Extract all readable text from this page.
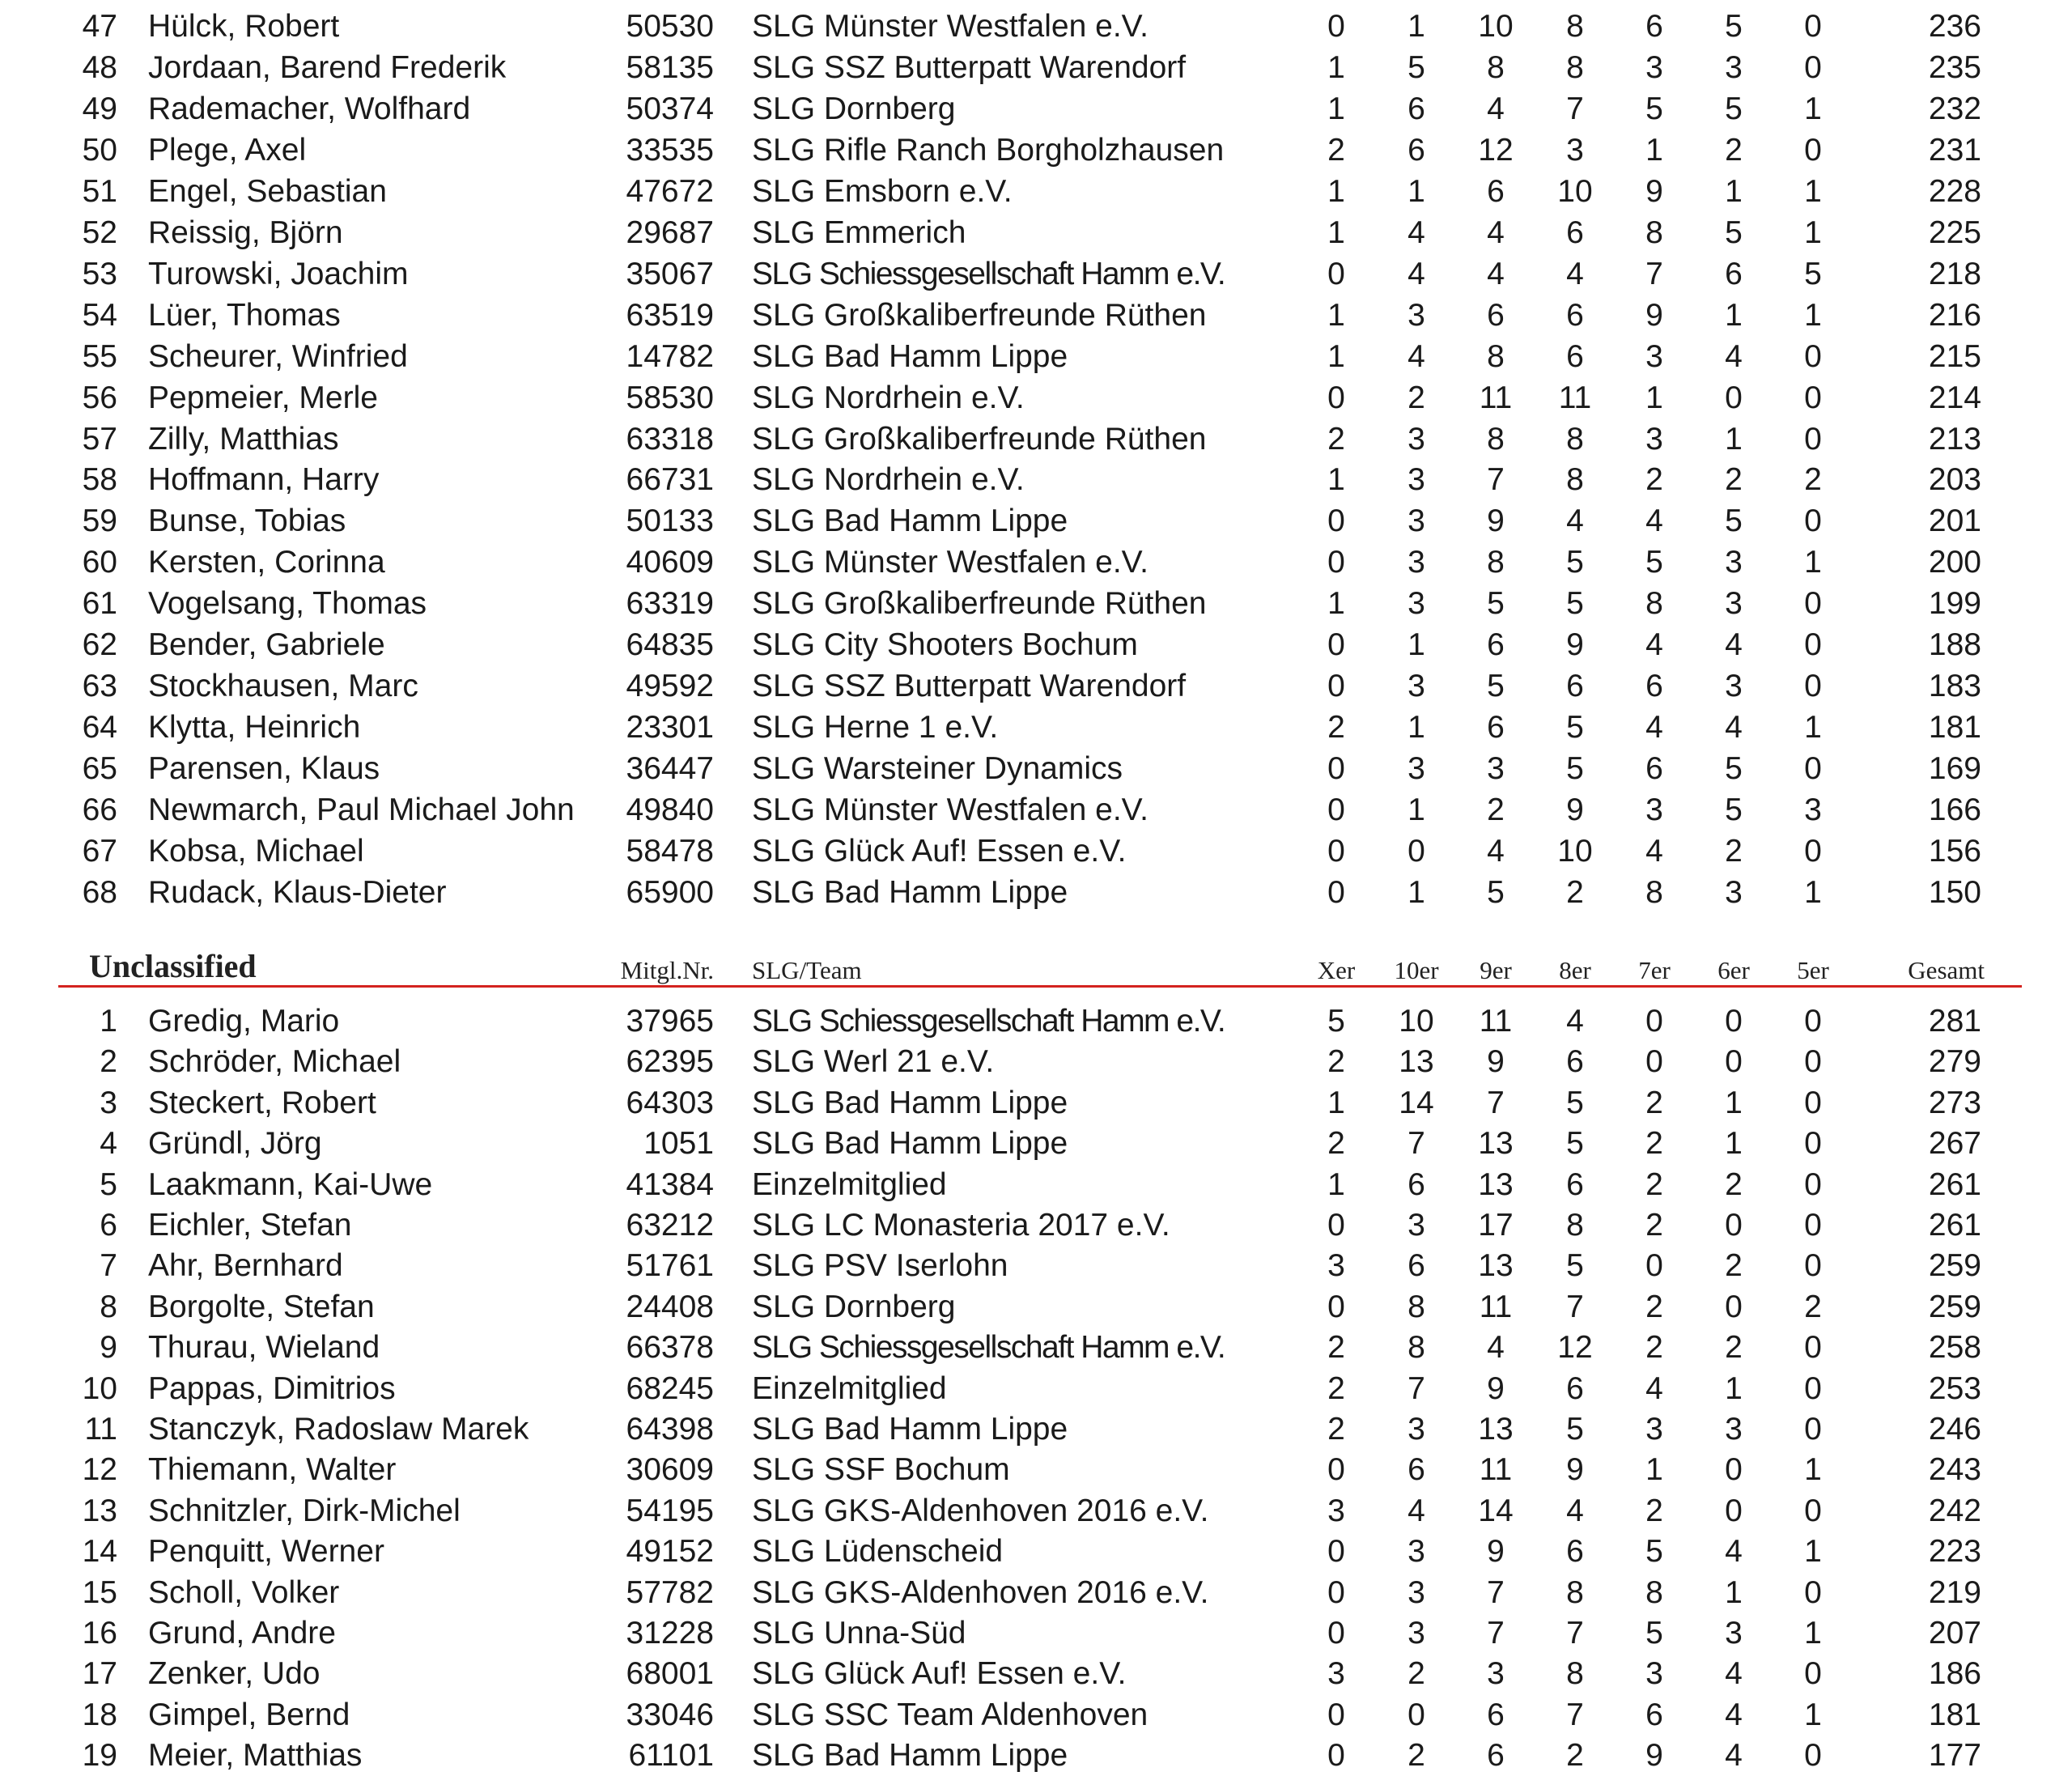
47 Hülck, Robert	50530 SLG Münster Westfalen e.V.	0	1	10	8	6	5	0	236
48 Jordaan, Barend Frederik	58135 SLG SSZ Butterpatt Warendorf	1	5	8	8	3	3	0	235
49 Rademacher, Wolfhard	50374 SLG Dornberg	1	6	4	7	5	5	1	232
50 Plege, Axel	33535 SLG Rifle Ranch Borgholzhausen	2	6	12	3	1	2	0	231
51 Engel, Sebastian	47672 SLG Emsborn e.V.	1	1	6	10	9	1	1	228
52 Reissig, Björn	29687 SLG Emmerich	1	4	4	6	8	5	1	225
53 Turowski, Joachim	35067 SLG Schiessgesellschaft Hamm e.V.	0	4	4	4	7	6	5	218
54 Lüer, Thomas	63519 SLG Großkaliberfreunde Rüthen	1	3	6	6	9	1	1	216
55 Scheurer, Winfried	14782 SLG Bad Hamm Lippe	1	4	8	6	3	4	0	215
56 Pepmeier, Merle	58530 SLG Nordrhein e.V.	0	2	11	11	1	0	0	214
57 Zilly, Matthias	63318 SLG Großkaliberfreunde Rüthen	2	3	8	8	3	1	0	213
58 Hoffmann, Harry	66731 SLG Nordrhein e.V.	1	3	7	8	2	2	2	203
59 Bunse, Tobias	50133 SLG Bad Hamm Lippe	0	3	9	4	4	5	0	201
60 Kersten, Corinna	40609 SLG Münster Westfalen e.V.	0	3	8	5	5	3	1	200
61 Vogelsang, Thomas	63319 SLG Großkaliberfreunde Rüthen	1	3	5	5	8	3	0	199
62 Bender, Gabriele	64835 SLG City Shooters Bochum	0	1	6	9	4	4	0	188
63 Stockhausen, Marc	49592 SLG SSZ Butterpatt Warendorf	0	3	5	6	6	3	0	183
64 Klytta, Heinrich	23301 SLG Herne 1 e.V.	2	1	6	5	4	4	1	181
65 Parensen, Klaus	36447 SLG Warsteiner Dynamics	0	3	3	5	6	5	0	169
66 Newmarch, Paul Michael John 49840 SLG Münster Westfalen e.V.	0	1	2	9	3	5	3	166
67 Kobsa, Michael	58478 SLG Glück Auf! Essen e.V.	0	0	4	10	4	2	0	156
68 Rudack, Klaus-Dieter	65900 SLG Bad Hamm Lippe	0	1	5	2	8	3	1	150
Unclassified	Mitgl.Nr. SLG/Team	Xer	10er	9er	8er	7er	6er	5er	Gesamt
1 Gredig, Mario	37965 SLG Schiessgesellschaft Hamm e.V.	5	10	11	4	0	0	0	281
2 Schröder, Michael	62395 SLG Werl 21 e.V.	2	13	9	6	0	0	0	279
3 Steckert, Robert	64303 SLG Bad Hamm Lippe	1	14	7	5	2	1	0	273
4 Gründl, Jörg	1051 SLG Bad Hamm Lippe	2	7	13	5	2	1	0	267
5 Laakmann, Kai-Uwe	41384 Einzelmitglied	1	6	13	6	2	2	0	261
6 Eichler, Stefan	63212 SLG LC Monasteria 2017 e.V.	0	3	17	8	2	0	0	261
7 Ahr, Bernhard	51761 SLG PSV Iserlohn	3	6	13	5	0	2	0	259
8 Borgolte, Stefan	24408 SLG Dornberg	0	8	11	7	2	0	2	259
9 Thurau, Wieland	66378 SLG Schiessgesellschaft Hamm e.V.	2	8	4	12	2	2	0	258
10 Pappas, Dimitrios	68245 Einzelmitglied	2	7	9	6	4	1	0	253
11 Stanczyk, Radoslaw Marek	64398 SLG Bad Hamm Lippe	2	3	13	5	3	3	0	246
12 Thiemann, Walter	30609 SLG SSF Bochum	0	6	11	9	1	0	1	243
13 Schnitzler, Dirk-Michel	54195 SLG GKS-Aldenhoven 2016 e.V.	3	4	14	4	2	0	0	242
14 Penquitt, Werner	49152 SLG Lüdenscheid	0	3	9	6	5	4	1	223
15 Scholl, Volker	57782 SLG GKS-Aldenhoven 2016 e.V.	0	3	7	8	8	1	0	219
16 Grund, Andre	31228 SLG Unna-Süd	0	3	7	7	5	3	1	207
17 Zenker, Udo	68001 SLG Glück Auf! Essen e.V.	3	2	3	8	3	4	0	186
18 Gimpel, Bernd	33046 SLG SSC Team Aldenhoven	0	0	6	7	6	4	1	181
19 Meier, Matthias	61101 SLG Bad Hamm Lippe	0	2	6	2	9	4	0	177
